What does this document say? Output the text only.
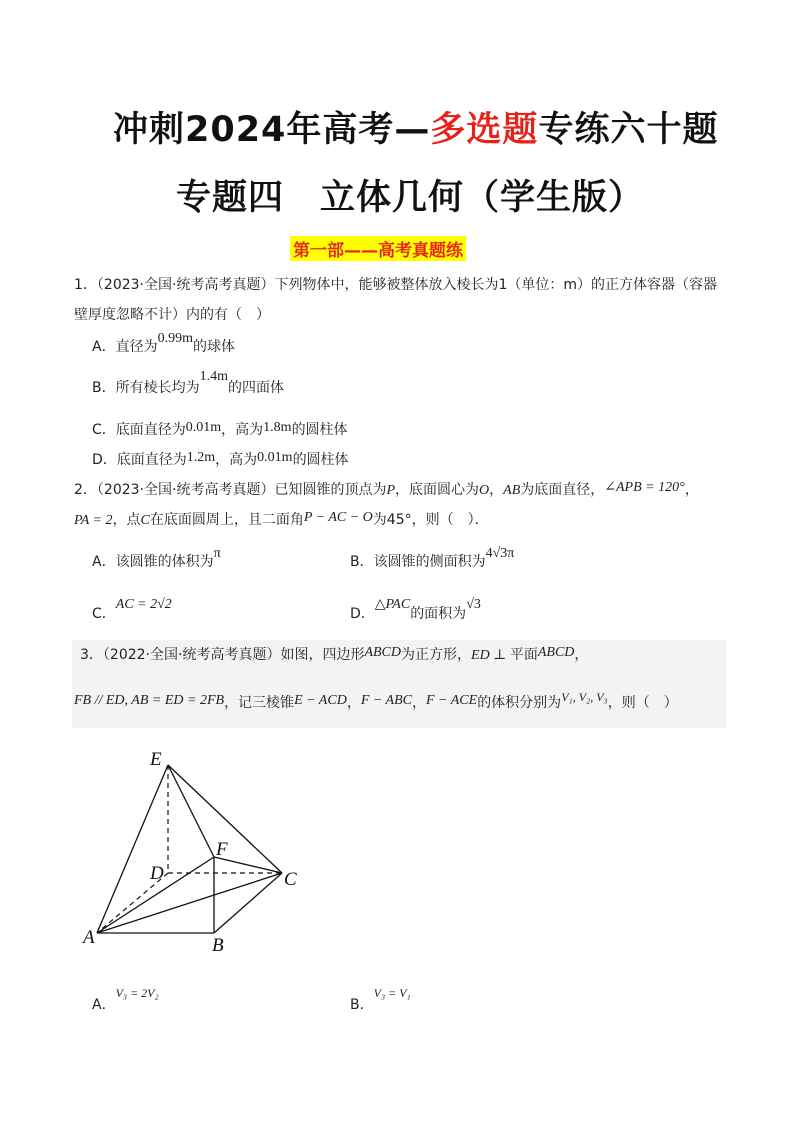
冲刺2024年高考—多选题专练六十题
专题四　立体几何（学生版）
第一部——高考真题练
1．（2023·全国·统考高考真题）下列物体中，能够被整体放入棱长为1（单位：m）的正方体容器（容器
壁厚度忽略不计）内的有（　）
A．直径为0.99m的球体
B．所有棱长均为1.4m的四面体
C．底面直径为0.01m，高为1.8m的圆柱体
D．底面直径为1.2m，高为0.01m的圆柱体
2．（2023·全国·统考高考真题）已知圆锥的顶点为P，底面圆心为O，AB为底面直径，∠APB = 120°，
PA = 2，点C在底面圆周上，且二面角P − AC − O为45°，则（　）．
A．该圆锥的体积为π
B．该圆锥的侧面积为4√3π
C．AC = 2√2
D．△PAC的面积为√3
3．（2022·全国·统考高考真题）如图，四边形ABCD为正方形，ED ⊥ 平面ABCD，
FB // ED, AB = ED = 2FB，记三棱锥E − ACD，F − ABC，F − ACE的体积分别为V₁, V₂, V₃，则（　）
E
F
D	C
A	B
A．V₃ = 2V₂
B．V₃ = V₁
